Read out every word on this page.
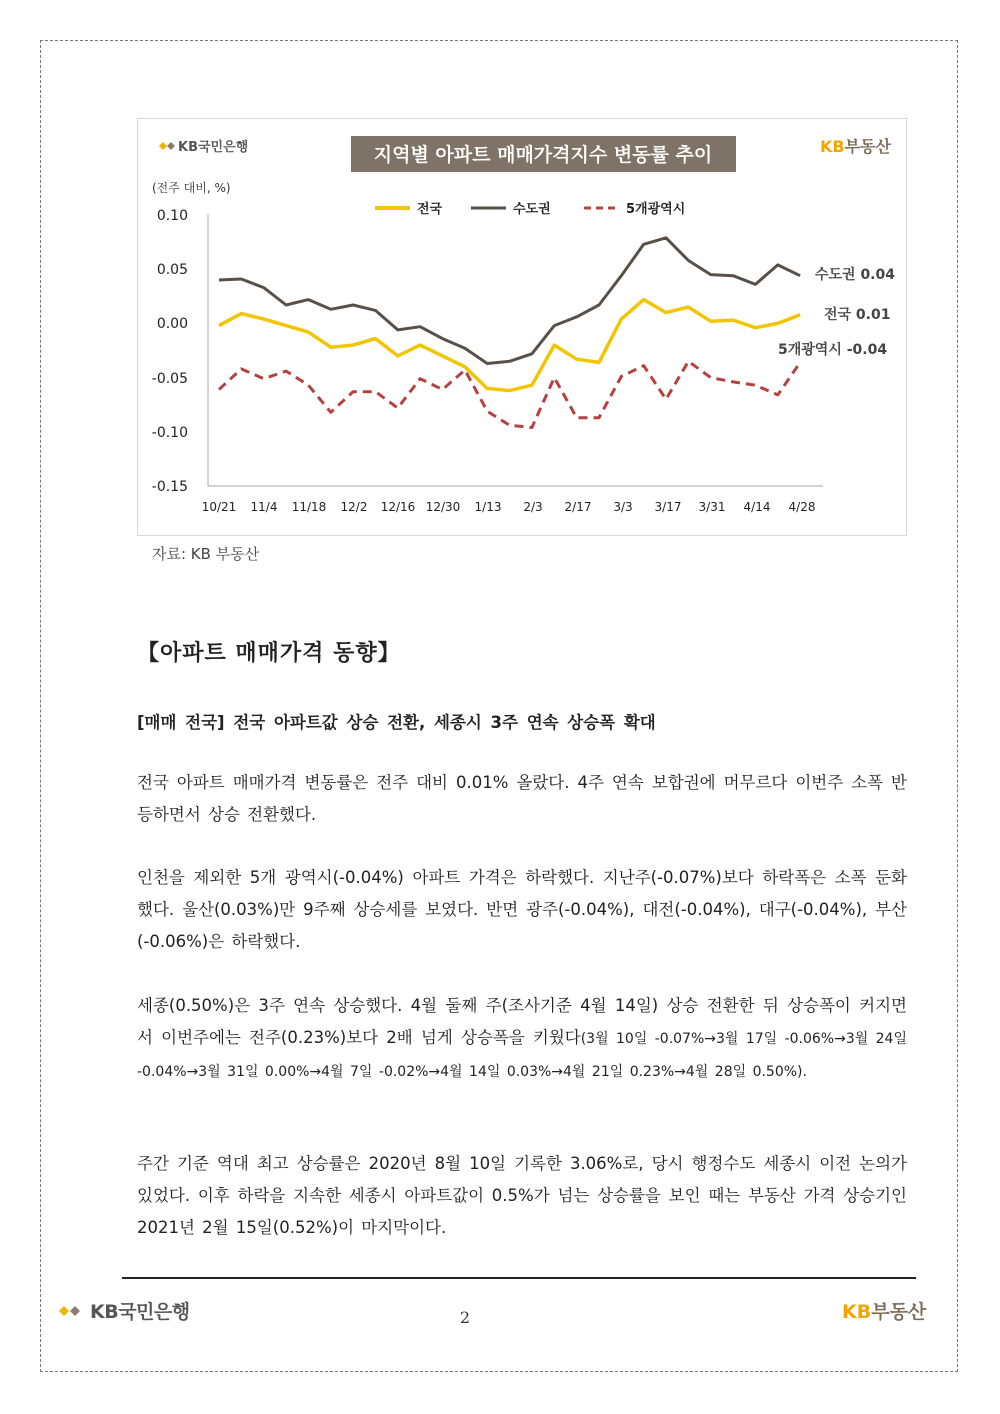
KB국민은행	지역별 아파트 매매가격지수 변동률 추이	KB부동산
(전주 대비, %)
전국	수도권	5개광역시
0.10
0.05
0.00
-0.05
-0.10
-0.15
10/21 11/4 11/18 12/2 12/16 12/30 1/13 2/3 2/17 3/3 3/17 3/31 4/14 4/28
수도권 0.04
전국 0.01
5개광역시 -0.04
자료: KB 부동산
【아파트 매매가격 동향】
[매매 전국] 전국 아파트값 상승 전환, 세종시 3주 연속 상승폭 확대

전국 아파트 매매가격 변동률은 전주 대비 0.01% 올랐다. 4주 연속 보합권에 머무르다 이번주 소폭 반등하면서 상승 전환했다.

인천을 제외한 5개 광역시(-0.04%) 아파트 가격은 하락했다. 지난주(-0.07%)보다 하락폭은 소폭 둔화했다. 울산(0.03%)만 9주째 상승세를 보였다. 반면 광주(-0.04%), 대전(-0.04%), 대구(-0.04%), 부산(-0.06%)은 하락했다.

세종(0.50%)은 3주 연속 상승했다. 4월 둘째 주(조사기준 4월 14일) 상승 전환한 뒤 상승폭이 커지면서 이번주에는 전주(0.23%)보다 2배 넘게 상승폭을 키웠다(3월 10일 -0.07%→3월 17일 -0.06%→3월 24일 -0.04%→3월 31일 0.00%→4월 7일 -0.02%→4월 14일 0.03%→4월 21일 0.23%→4월 28일 0.50%).

주간 기준 역대 최고 상승률은 2020년 8월 10일 기록한 3.06%로, 당시 행정수도 세종시 이전 논의가 있었다. 이후 하락을 지속한 세종시 아파트값이 0.5%가 넘는 상승률을 보인 때는 부동산 가격 상승기인 2021년 2월 15일(0.52%)이 마지막이다.

KB국민은행	2	KB부동산
